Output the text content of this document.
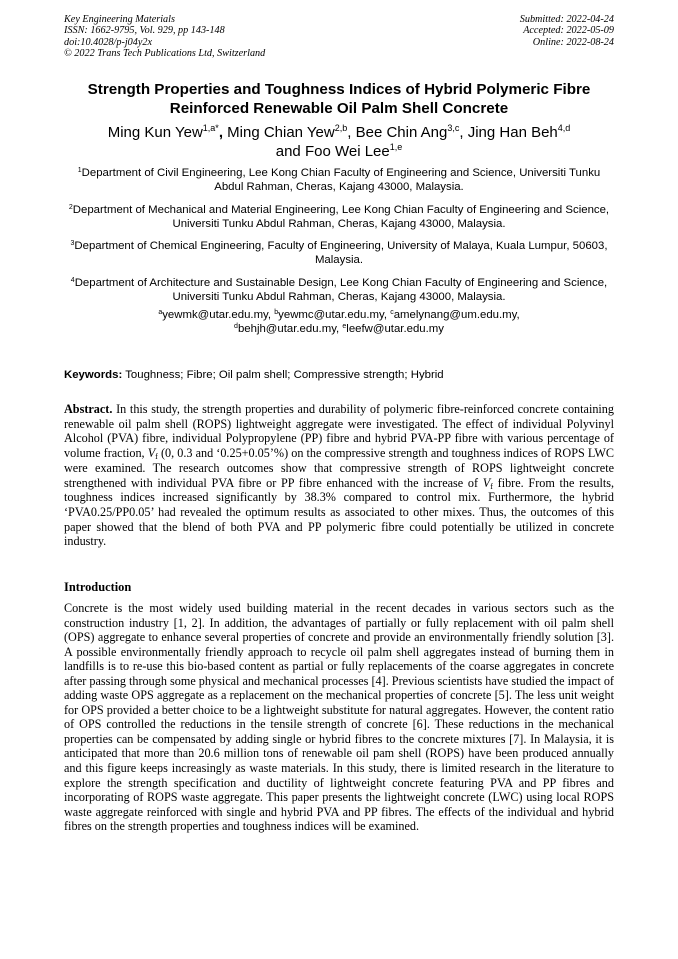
Key Engineering Materials
ISSN: 1662-9795, Vol. 929, pp 143-148
doi:10.4028/p-j04y2x
© 2022 Trans Tech Publications Ltd, Switzerland
Submitted: 2022-04-24
Accepted: 2022-05-09
Online: 2022-08-24
Strength Properties and Toughness Indices of Hybrid Polymeric Fibre
Reinforced Renewable Oil Palm Shell Concrete
Ming Kun Yew$^{1,a*}$, Ming Chian Yew$^{2,b}$, Bee Chin Ang$^{3,c}$, Jing Han Beh$^{4,d}$
and Foo Wei Lee$^{1,e}$
$^1$Department of Civil Engineering, Lee Kong Chian Faculty of Engineering and Science, Universiti Tunku Abdul Rahman, Cheras, Kajang 43000, Malaysia.
$^2$Department of Mechanical and Material Engineering, Lee Kong Chian Faculty of Engineering and Science, Universiti Tunku Abdul Rahman, Cheras, Kajang 43000, Malaysia.
$^3$Department of Chemical Engineering, Faculty of Engineering, University of Malaya, Kuala Lumpur, 50603, Malaysia.
$^4$Department of Architecture and Sustainable Design, Lee Kong Chian Faculty of Engineering and Science, Universiti Tunku Abdul Rahman, Cheras, Kajang 43000, Malaysia.
$^a$yewmk@utar.edu.my, $^b$yewmc@utar.edu.my, $^c$amelynang@um.edu.my,
$^d$behjh@utar.edu.my, $^e$leefw@utar.edu.my
Keywords: Toughness; Fibre; Oil palm shell; Compressive strength; Hybrid
Abstract. In this study, the strength properties and durability of polymeric fibre-reinforced concrete containing renewable oil palm shell (ROPS) lightweight aggregate were investigated. The effect of individual Polyvinyl Alcohol (PVA) fibre, individual Polypropylene (PP) fibre and hybrid PVA-PP fibre with various percentage of volume fraction, $V_f$ (0, 0.3 and ‘0.25+0.05’%) on the compressive strength and toughness indices of ROPS LWC were examined. The research outcomes show that compressive strength of ROPS lightweight concrete strengthened with individual PVA fibre or PP fibre enhanced with the increase of $V_f$ fibre. From the results, toughness indices increased significantly by 38.3% compared to control mix. Furthermore, the hybrid ‘PVA0.25/PP0.05’ had revealed the optimum results as associated to other mixes. Thus, the outcomes of this paper showed that the blend of both PVA and PP polymeric fibre could potentially be utilized in concrete industry.
Introduction
Concrete is the most widely used building material in the recent decades in various sectors such as the construction industry [1, 2]. In addition, the advantages of partially or fully replacement with oil palm shell (OPS) aggregate to enhance several properties of concrete and provide an environmentally friendly solution [3]. A possible environmentally friendly approach to recycle oil palm shell aggregates instead of burning them in landfills is to re-use this bio-based content as partial or fully replacements of the coarse aggregates in concrete after passing through some physical and mechanical processes [4]. Previous scientists have studied the impact of adding waste OPS aggregate as a replacement on the mechanical properties of concrete [5]. The less unit weight for OPS provided a better choice to be a lightweight substitute for natural aggregates. However, the content ratio of OPS controlled the reductions in the tensile strength of concrete [6]. These reductions in the mechanical properties can be compensated by adding single or hybrid fibres to the concrete mixtures [7]. In Malaysia, it is anticipated that more than 20.6 million tons of renewable oil pam shell (ROPS) have been produced annually and this figure keeps increasingly as waste materials. In this study, there is limited research in the literature to explore the strength specification and ductility of lightweight concrete featuring PVA and PP fibres and incorporating of ROPS waste aggregate. This paper presents the lightweight concrete (LWC) using local ROPS waste aggregate reinforced with single and hybrid PVA and PP fibres. The effects of the individual and hybrid fibres on the strength properties and toughness indices will be examined.
